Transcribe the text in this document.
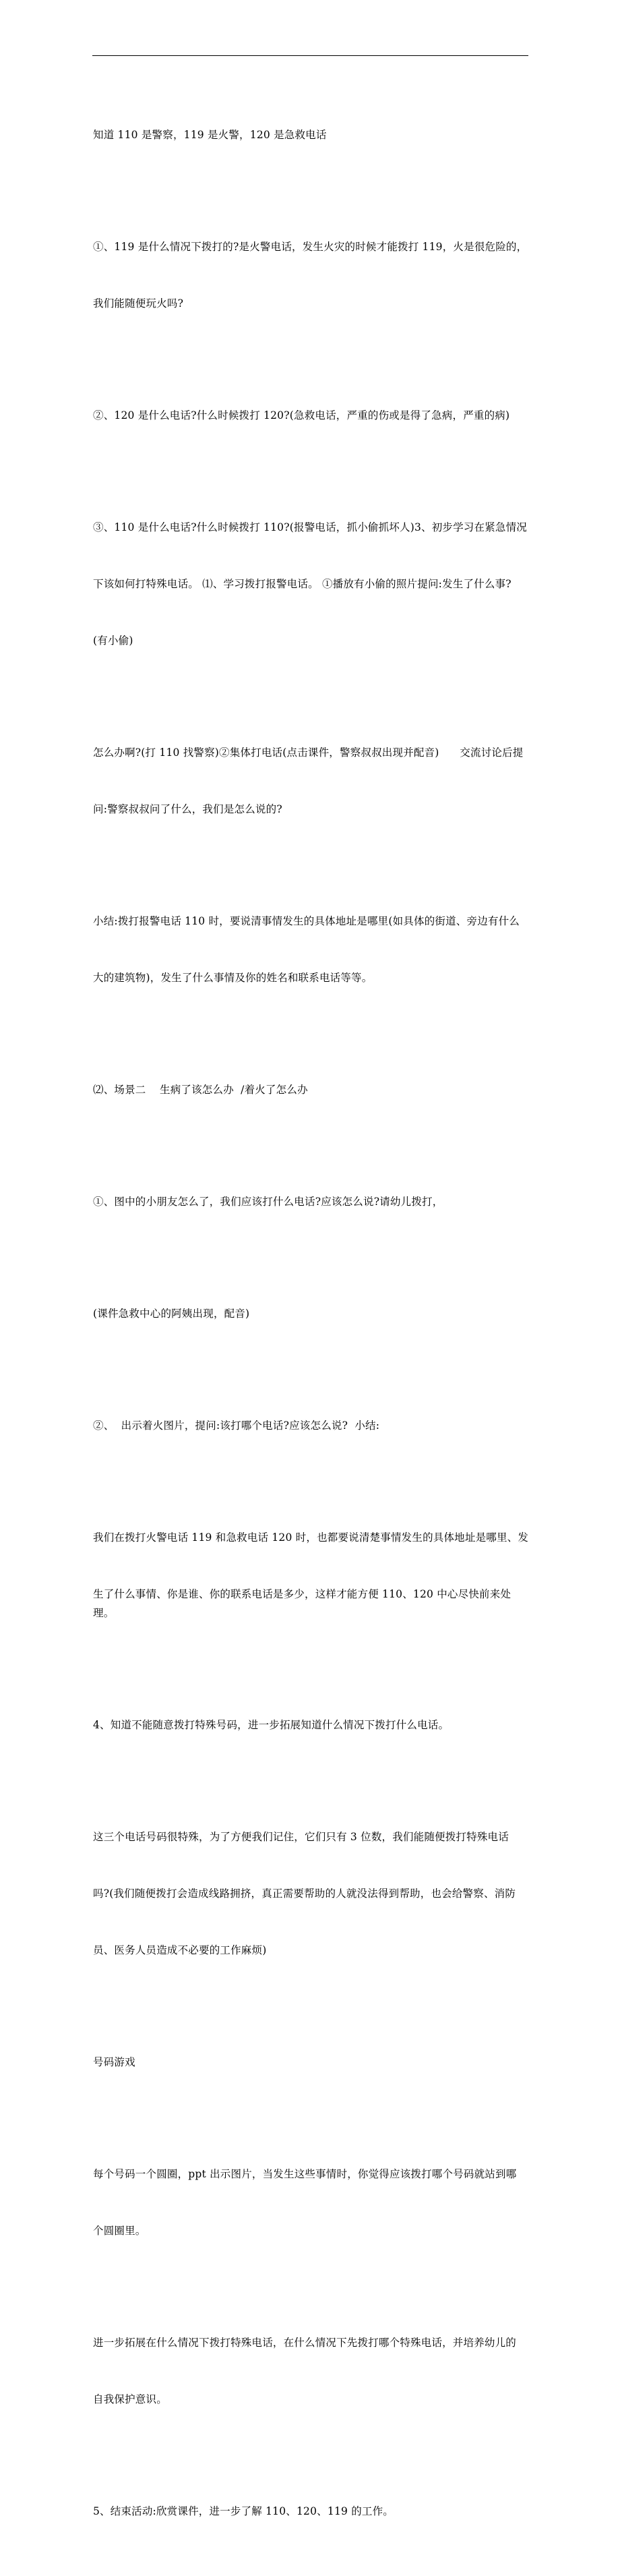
知道 110 是警察，119 是火警，120 是急救电话

①、119 是什么情况下拨打的?是火警电话，发生火灾的时候才能拨打 119，火是很危险的，

我们能随便玩火吗?

②、120 是什么电话?什么时候拨打 120?(急救电话，严重的伤或是得了急病，严重的病)

③、110 是什么电话?什么时候拨打 110?(报警电话，抓小偷抓坏人)3、初步学习在紧急情况

下该如何打特殊电话。 ⑴、学习拨打报警电话。 ①播放有小偷的照片提问:发生了什么事?

(有小偷)

怎么办啊?(打 110 找警察)②集体打电话(点击课件，警察叔叔出现并配音)      交流讨论后提

问:警察叔叔问了什么，我们是怎么说的?

小结:拨打报警电话 110 时，要说清事情发生的具体地址是哪里(如具体的街道、旁边有什么

大的建筑物)，发生了什么事情及你的姓名和联系电话等等。

⑵、场景二    生病了该怎么办  /着火了怎么办

①、图中的小朋友怎么了，我们应该打什么电话?应该怎么说?请幼儿拨打，

(课件急救中心的阿姨出现，配音)

②、  出示着火图片，提问:该打哪个电话?应该怎么说?  小结:

我们在拨打火警电话 119 和急救电话 120 时，也都要说清楚事情发生的具体地址是哪里、发

生了什么事情、你是谁、你的联系电话是多少，这样才能方便 110、120 中心尽快前来处理。

4、知道不能随意拨打特殊号码，进一步拓展知道什么情况下拨打什么电话。

这三个电话号码很特殊，为了方便我们记住，它们只有 3 位数，我们能随便拨打特殊电话

吗?(我们随便拨打会造成线路拥挤，真正需要帮助的人就没法得到帮助，也会给警察、消防

员、医务人员造成不必要的工作麻烦)

号码游戏

每个号码一个圆圈，ppt 出示图片，当发生这些事情时，你觉得应该拨打哪个号码就站到哪

个圆圈里。

进一步拓展在什么情况下拨打特殊电话，在什么情况下先拨打哪个特殊电话，并培养幼儿的

自我保护意识。

5、结束活动:欣赏课件，进一步了解 110、120、119 的工作。
